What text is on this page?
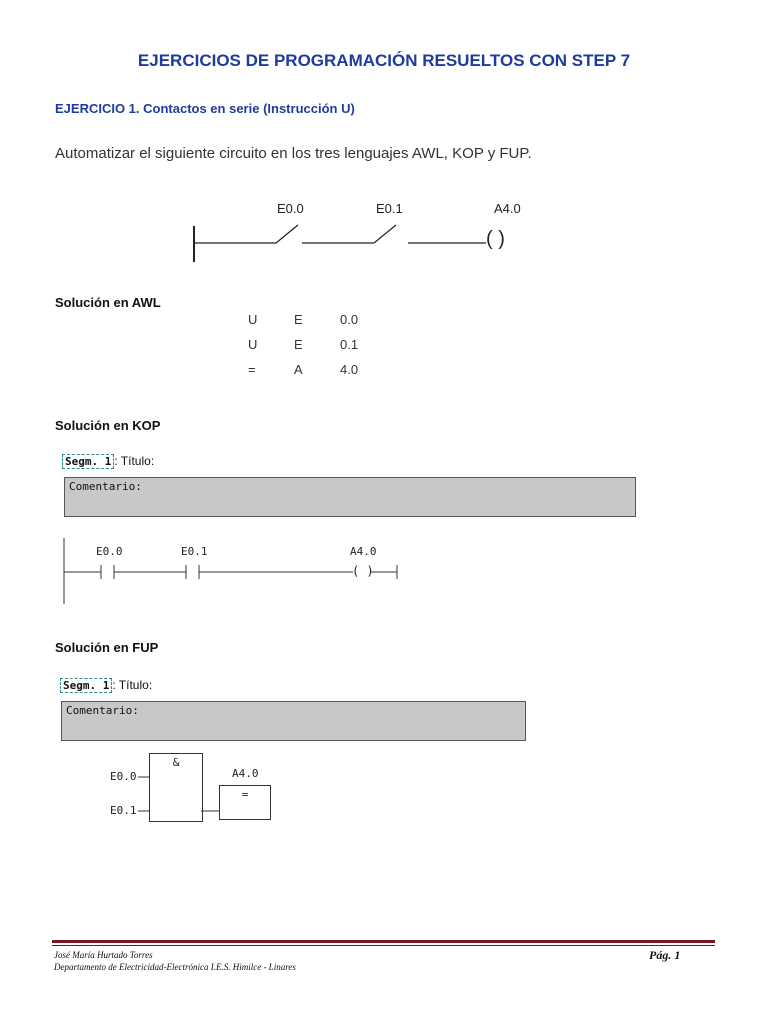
EJERCICIOS DE PROGRAMACIÓN RESUELTOS CON STEP 7
EJERCICIO 1. Contactos en serie (Instrucción U)
Automatizar el siguiente circuito en los tres lenguajes AWL, KOP y FUP.
E0.0	E0.1	A4.0
( )
Solución en AWL
U	E	0.0
U	E	0.1
=	A	4.0
Solución en KOP
Segm. 1 : Título:
Comentario:
E0.0	E0.1	A4.0
( )
Solución en FUP
Segm. 1 : Título:
Comentario:
&
E0.0
E0.1
A4.0
=
José María Hurtado Torres
Departamento de Electricidad-Electrónica I.E.S. Himilce - Linares
Pág. 1
